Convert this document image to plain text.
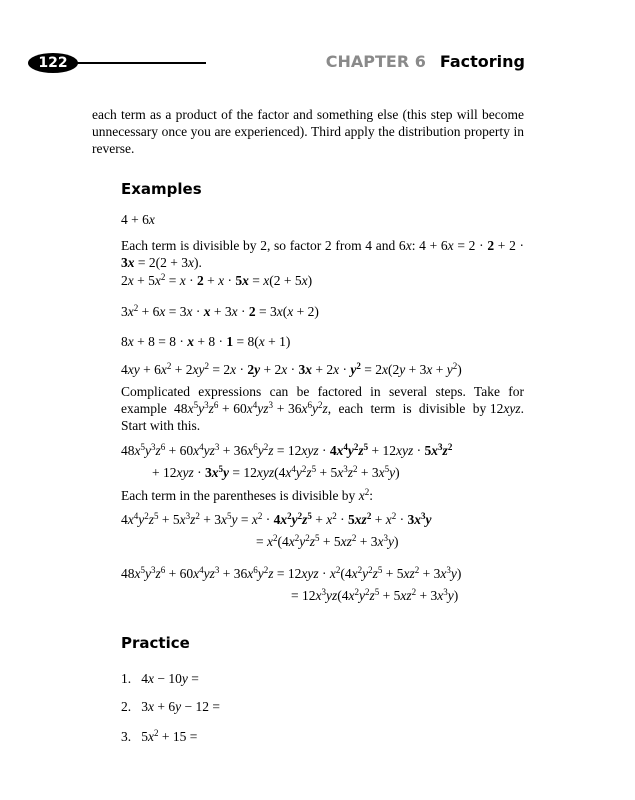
122	CHAPTER 6 Factoring
each term as a product of the factor and something else (this step will become unnecessary once you are experienced). Third apply the distribution property in reverse.
Examples
4 + 6x
Each term is divisible by 2, so factor 2 from 4 and 6x: 4 + 6x = 2 · 2 + 2 · 3x = 2(2 + 3x).
$2x + 5x^2 = x \cdot 2 + x \cdot 5x = x(2 + 5x)$
$3x^2 + 6x = 3x \cdot x + 3x \cdot 2 = 3x(x + 2)$
8x + 8 = 8 · x + 8 · 1 = 8(x + 1)
$4xy + 6x^2 + 2xy^2 = 2x \cdot 2y + 2x \cdot 3x + 2x \cdot y^2 = 2x(2y + 3x + y^2)$
Complicated expressions can be factored in several steps. Take for example  $48x^5y^3z^6 + 60x^4yz^3 + 36x^6y^2z$,  each  term  is  divisible  by 12xyz. Start with this.
$48x^5y^3z^6 + 60x^4yz^3 + 36x^6y^2z = 12xyz \cdot 4x^4y^2z^5 + 12xyz \cdot 5x^3z^2$
+ $12xyz \cdot 3x^5y = 12xyz(4x^4y^2z^5 + 5x^3z^2 + 3x^5y)$
Each term in the parentheses is divisible by $x^2$:
$4x^4y^2z^5 + 5x^3z^2 + 3x^5y = x^2 \cdot 4x^2y^2z^5 + x^2 \cdot 5xz^2 + x^2 \cdot 3x^3y$
= $x^2(4x^2y^2z^5 + 5xz^2 + 3x^3y)$
$48x^5y^3z^6 + 60x^4yz^3 + 36x^6y^2z = 12xyz \cdot x^2(4x^2y^2z^5 + 5xz^2 + 3x^3y)$
= $12x^3yz(4x^2y^2z^5 + 5xz^2 + 3x^3y)$
Practice
1.   4x − 10y =
2.   3x + 6y − 12 =
3.   $5x^2 + 15$ =
